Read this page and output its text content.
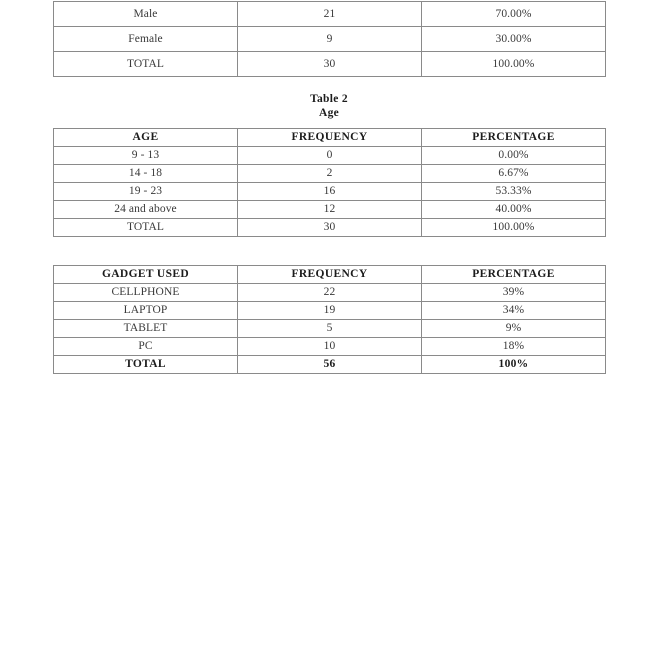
Male	21	70.00%
Female	9	30.00%
TOTAL	30	100.00%
Table 2
Age
AGE	FREQUENCY	PERCENTAGE
9 - 13	0	0.00%
14 - 18	2	6.67%
19 - 23	16	53.33%
24 and above	12	40.00%
TOTAL	30	100.00%
GADGET USED	FREQUENCY	PERCENTAGE
CELLPHONE	22	39%
LAPTOP	19	34%
TABLET	5	9%
PC	10	18%
TOTAL	56	100%
